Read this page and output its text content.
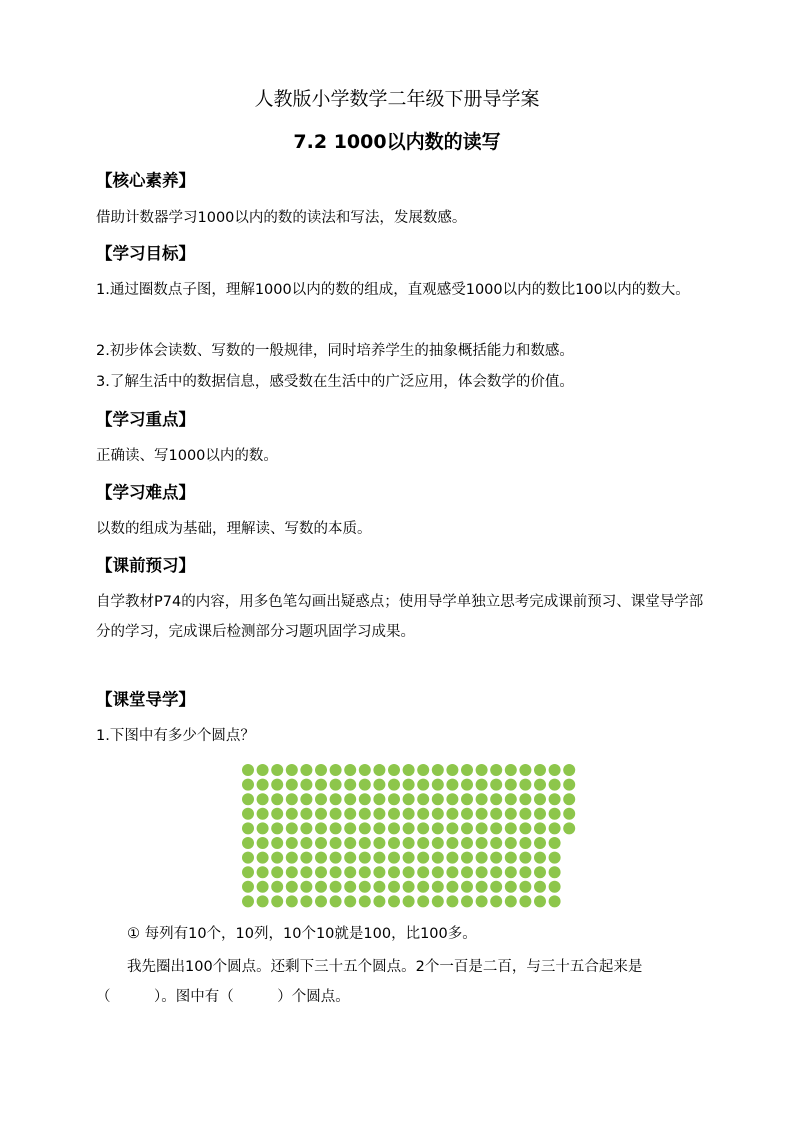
人教版小学数学二年级下册导学案
7.2 1000以内数的读写
【核心素养】
借助计数器学习1000以内的数的读法和写法，发展数感。
【学习目标】
1.通过圈数点子图，理解1000以内的数的组成，直观感受1000以内的数比100以内的数大。
2.初步体会读数、写数的一般规律，同时培养学生的抽象概括能力和数感。
3.了解生活中的数据信息，感受数在生活中的广泛应用，体会数学的价值。
【学习重点】
正确读、写1000以内的数。
【学习难点】
以数的组成为基础，理解读、写数的本质。
【课前预习】
自学教材P74的内容，用多色笔勾画出疑惑点；使用导学单独立思考完成课前预习、课堂导学部分的学习，完成课后检测部分习题巩固学习成果。
【课堂导学】
1.下图中有多少个圆点？
① 每列有10个，10列，10个10就是100，比100多。
我先圈出100个圆点。还剩下三十五个圆点。2个一百是二百，与三十五合起来是（　　　）。图中有（　　　）个圆点。
